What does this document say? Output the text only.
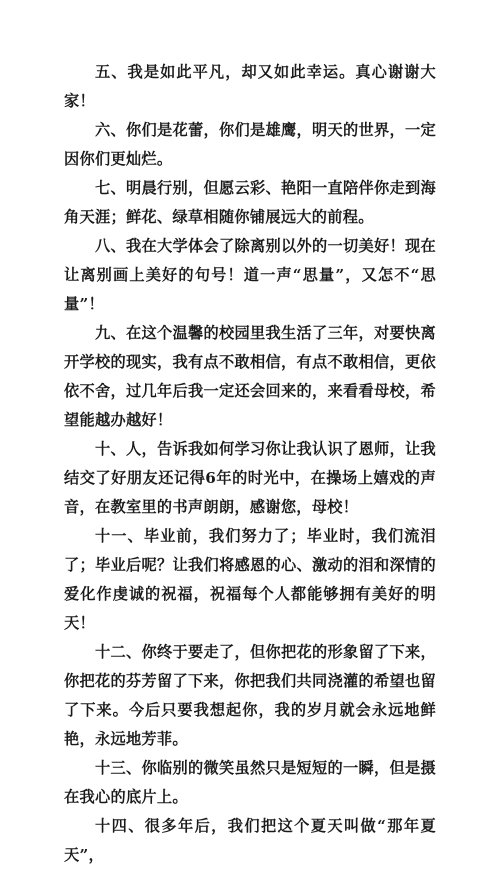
五、我是如此平凡，却又如此幸运。真心谢谢大家！

六、你们是花蕾，你们是雄鹰，明天的世界，一定因你们更灿烂。

七、明晨行别，但愿云彩、艳阳一直陪伴你走到海角天涯；鲜花、绿草相随你铺展远大的前程。

八、我在大学体会了除离别以外的一切美好！现在让离别画上美好的句号！道一声“思量”，又怎不“思量”！

九、在这个温馨的校园里我生活了三年，对要快离开学校的现实，我有点不敢相信，有点不敢相信，更依依不舍，过几年后我一定还会回来的，来看看母校，希望能越办越好！

十、人，告诉我如何学习你让我认识了恩师，让我结交了好朋友还记得6年的时光中，在操场上嬉戏的声音，在教室里的书声朗朗，感谢您，母校！

十一、毕业前，我们努力了；毕业时，我们流泪了；毕业后呢？让我们将感恩的心、激动的泪和深情的爱化作虔诚的祝福，祝福每个人都能够拥有美好的明天！

十二、你终于要走了，但你把花的形象留了下来，你把花的芬芳留了下来，你把我们共同浇灌的希望也留了下来。今后只要我想起你，我的岁月就会永远地鲜艳，永远地芳菲。

十三、你临别的微笑虽然只是短短的一瞬，但是摄在我心的底片上。

十四、很多年后，我们把这个夏天叫做“那年夏天”，
